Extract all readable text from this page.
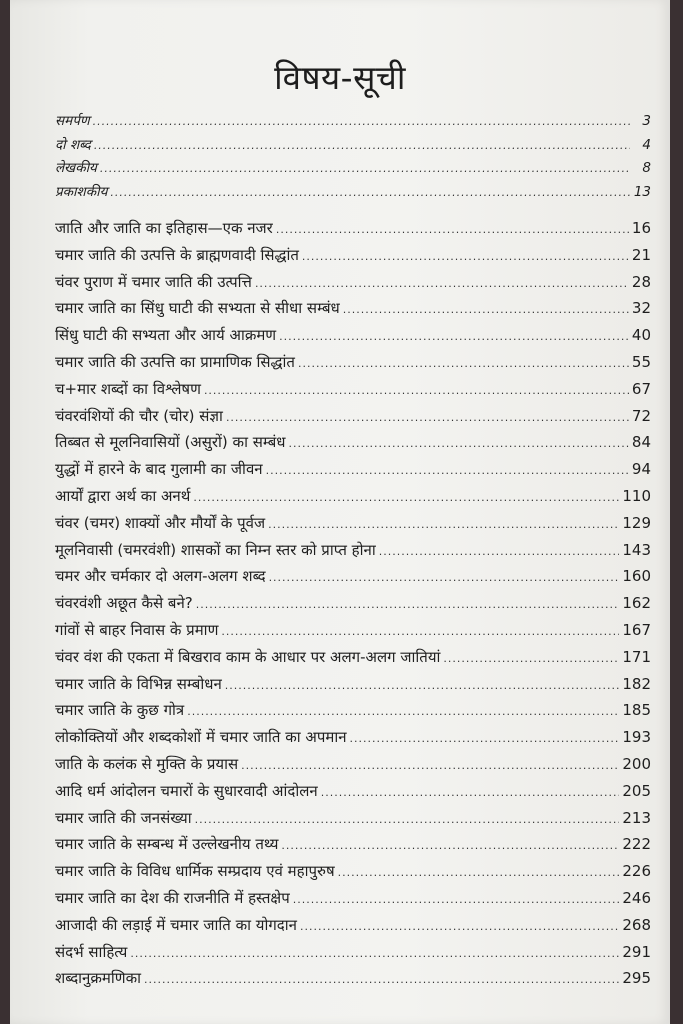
विषय-सूची
समर्पण .....	3
दो शब्द .....	4
लेखकीय .....	8
प्रकाशकीय .....	13
जाति और जाति का इतिहास—एक नजर .....	16
चमार जाति की उत्पत्ति के ब्राह्मणवादी सिद्धांत .....	21
चंवर पुराण में चमार जाति की उत्पत्ति .....	28
चमार जाति का सिंधु घाटी की सभ्यता से सीधा सम्बंध .....	32
सिंधु घाटी की सभ्यता और आर्य आक्रमण .....	40
चमार जाति की उत्पत्ति का प्रामाणिक सिद्धांत .....	55
च+मार शब्दों का विश्लेषण .....	67
चंवरवंशियों की चौर (चोर) संज्ञा .....	72
तिब्बत से मूलनिवासियों (असुरों) का सम्बंध .....	84
युद्धों में हारने के बाद गुलामी का जीवन .....	94
आर्यों द्वारा अर्थ का अनर्थ .....	110
चंवर (चमर) शाक्यों और मौर्यों के पूर्वज .....	129
मूलनिवासी (चमरवंशी) शासकों का निम्न स्तर को प्राप्त होना .....	143
चमर और चर्मकार दो अलग-अलग शब्द .....	160
चंवरवंशी अछूत कैसे बने? .....	162
गांवों से बाहर निवास के प्रमाण .....	167
चंवर वंश की एकता में बिखराव काम के आधार पर अलग-अलग जातियां .....	171
चमार जाति के विभिन्न सम्बोधन .....	182
चमार जाति के कुछ गोत्र .....	185
लोकोक्तियों और शब्दकोशों में चमार जाति का अपमान .....	193
जाति के कलंक से मुक्ति के प्रयास .....	200
आदि धर्म आंदोलन चमारों के सुधारवादी आंदोलन .....	205
चमार जाति की जनसंख्या .....	213
चमार जाति के सम्बन्ध में उल्लेखनीय तथ्य .....	222
चमार जाति के विविध धार्मिक सम्प्रदाय एवं महापुरुष .....	226
चमार जाति का देश की राजनीति में हस्तक्षेप .....	246
आजादी की लड़ाई में चमार जाति का योगदान .....	268
संदर्भ साहित्य .....	291
शब्दानुक्रमणिका .....	295
